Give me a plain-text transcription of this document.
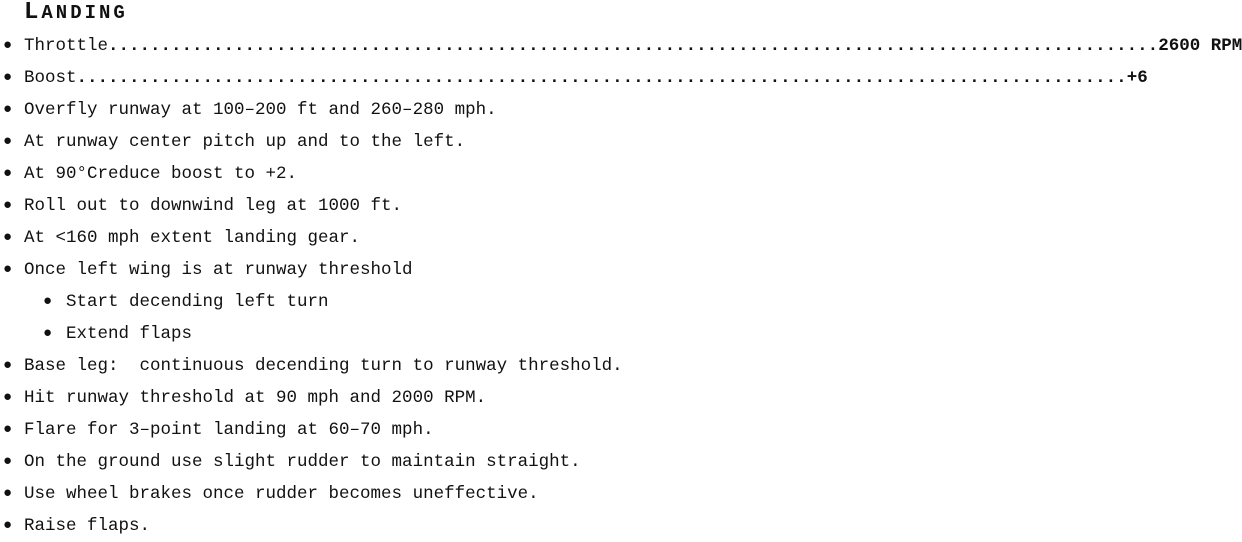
LANDING
● Throttle .................................................................................................... 2600 RPM
● Boost .................................................................................................... +6
● Overfly runway at 100–200 ft and 260–280 mph.
● At runway center pitch up and to the left.
● At 90°Creduce boost to +2.
● Roll out to downwind leg at 1000 ft.
● At <160 mph extent landing gear.
● Once left wing is at runway threshold
● Start decending left turn
● Extend flaps
● Base leg:  continuous decending turn to runway threshold.
● Hit runway threshold at 90 mph and 2000 RPM.
● Flare for 3–point landing at 60–70 mph.
● On the ground use slight rudder to maintain straight.
● Use wheel brakes once rudder becomes uneffective.
● Raise flaps.
